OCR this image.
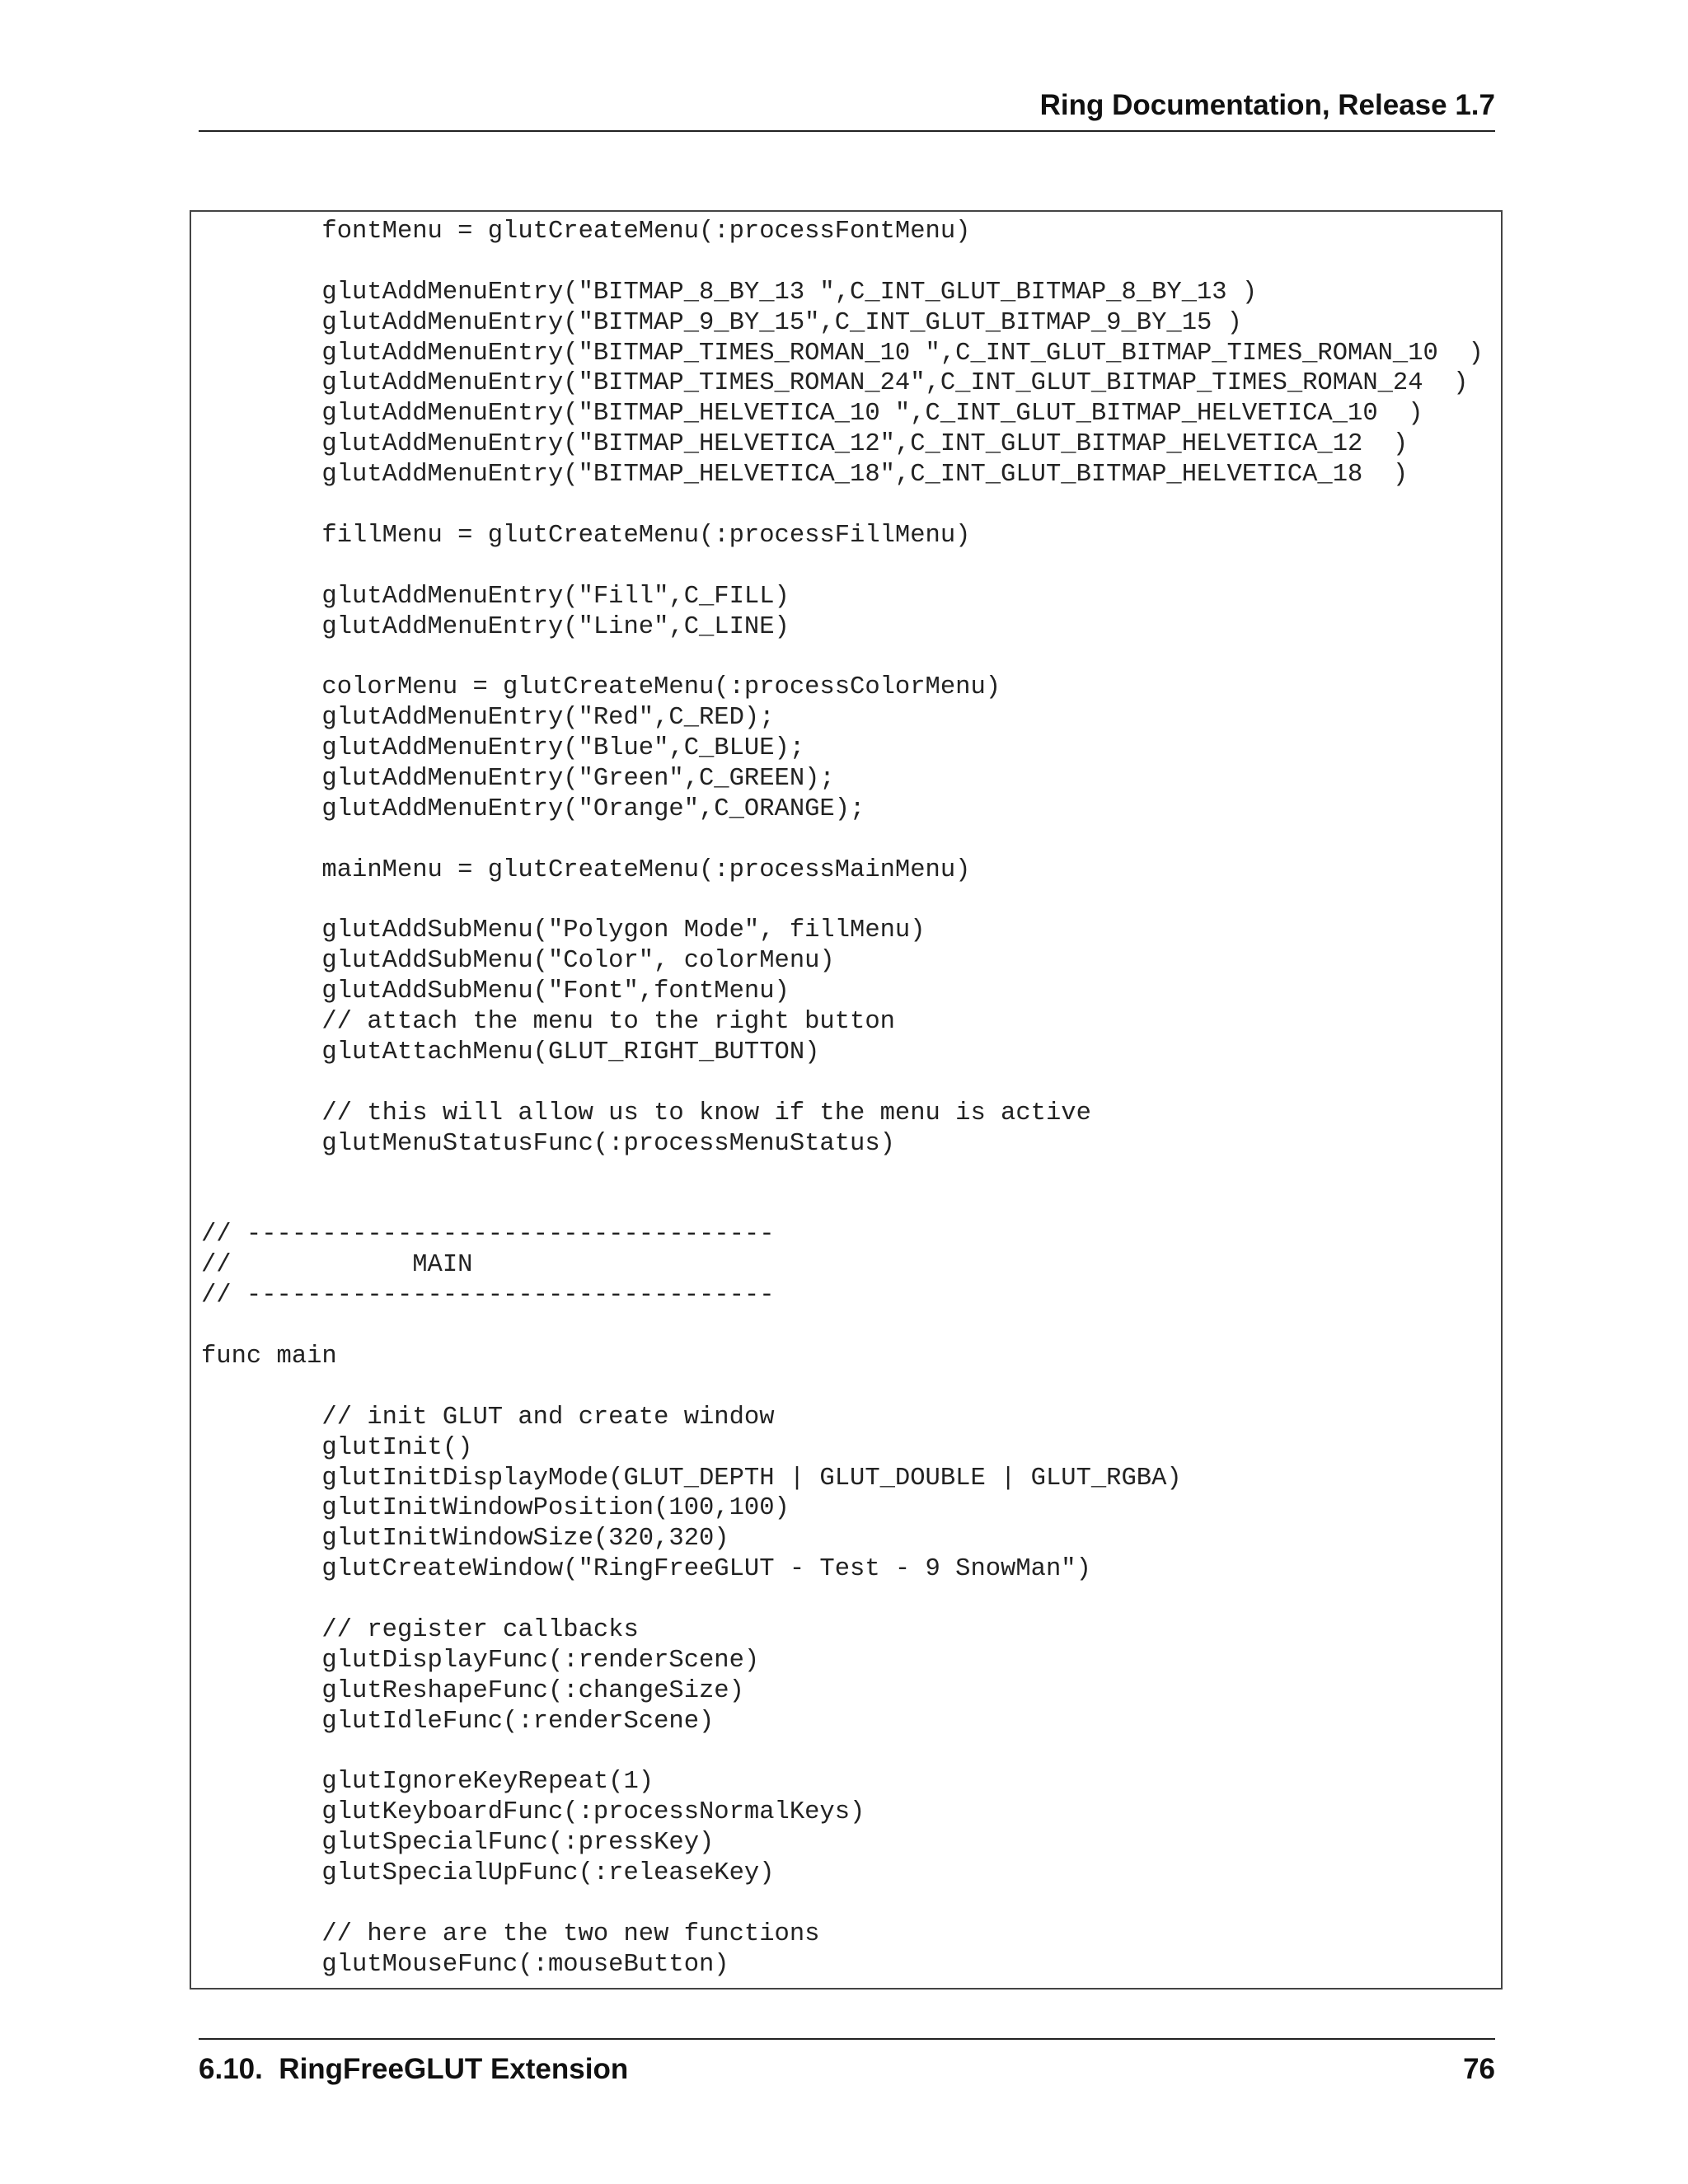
Ring Documentation, Release 1.7
fontMenu = glutCreateMenu(:processFontMenu)
glutAddMenuEntry("BITMAP_8_BY_13 ",C_INT_GLUT_BITMAP_8_BY_13 )
glutAddMenuEntry("BITMAP_9_BY_15",C_INT_GLUT_BITMAP_9_BY_15 )
glutAddMenuEntry("BITMAP_TIMES_ROMAN_10 ",C_INT_GLUT_BITMAP_TIMES_ROMAN_10  )
glutAddMenuEntry("BITMAP_TIMES_ROMAN_24",C_INT_GLUT_BITMAP_TIMES_ROMAN_24  )
glutAddMenuEntry("BITMAP_HELVETICA_10 ",C_INT_GLUT_BITMAP_HELVETICA_10  )
glutAddMenuEntry("BITMAP_HELVETICA_12",C_INT_GLUT_BITMAP_HELVETICA_12  )
glutAddMenuEntry("BITMAP_HELVETICA_18",C_INT_GLUT_BITMAP_HELVETICA_18  )
fillMenu = glutCreateMenu(:processFillMenu)
glutAddMenuEntry("Fill",C_FILL)
glutAddMenuEntry("Line",C_LINE)
colorMenu = glutCreateMenu(:processColorMenu)
glutAddMenuEntry("Red",C_RED);
glutAddMenuEntry("Blue",C_BLUE);
glutAddMenuEntry("Green",C_GREEN);
glutAddMenuEntry("Orange",C_ORANGE);
mainMenu = glutCreateMenu(:processMainMenu)
glutAddSubMenu("Polygon Mode", fillMenu)
glutAddSubMenu("Color", colorMenu)
glutAddSubMenu("Font",fontMenu)
// attach the menu to the right button
glutAttachMenu(GLUT_RIGHT_BUTTON)
// this will allow us to know if the menu is active
glutMenuStatusFunc(:processMenuStatus)
// -----------------------------------
//            MAIN
// -----------------------------------
func main
// init GLUT and create window
glutInit()
glutInitDisplayMode(GLUT_DEPTH | GLUT_DOUBLE | GLUT_RGBA)
glutInitWindowPosition(100,100)
glutInitWindowSize(320,320)
glutCreateWindow("RingFreeGLUT - Test - 9 SnowMan")
// register callbacks
glutDisplayFunc(:renderScene)
glutReshapeFunc(:changeSize)
glutIdleFunc(:renderScene)
glutIgnoreKeyRepeat(1)
glutKeyboardFunc(:processNormalKeys)
glutSpecialFunc(:pressKey)
glutSpecialUpFunc(:releaseKey)
// here are the two new functions
glutMouseFunc(:mouseButton)
6.10.  RingFreeGLUT Extension	76
